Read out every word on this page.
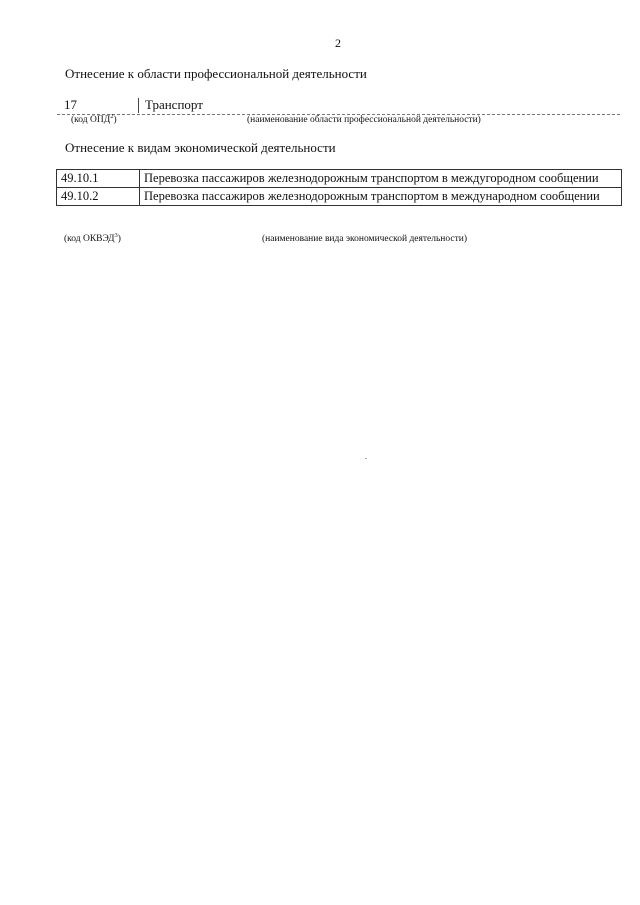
2
Отнесение к области профессиональной деятельности
17	Транспорт
(код ОПД$^2$)	(наименование области профессиональной деятельности)
Отнесение к видам экономической деятельности
49.10.1	Перевозка пассажиров железнодорожным транспортом в междугородном сообщении
49.10.2	Перевозка пассажиров железнодорожным транспортом в международном сообщении
(код ОКВЭД$^3$)	(наименование вида экономической деятельности)
